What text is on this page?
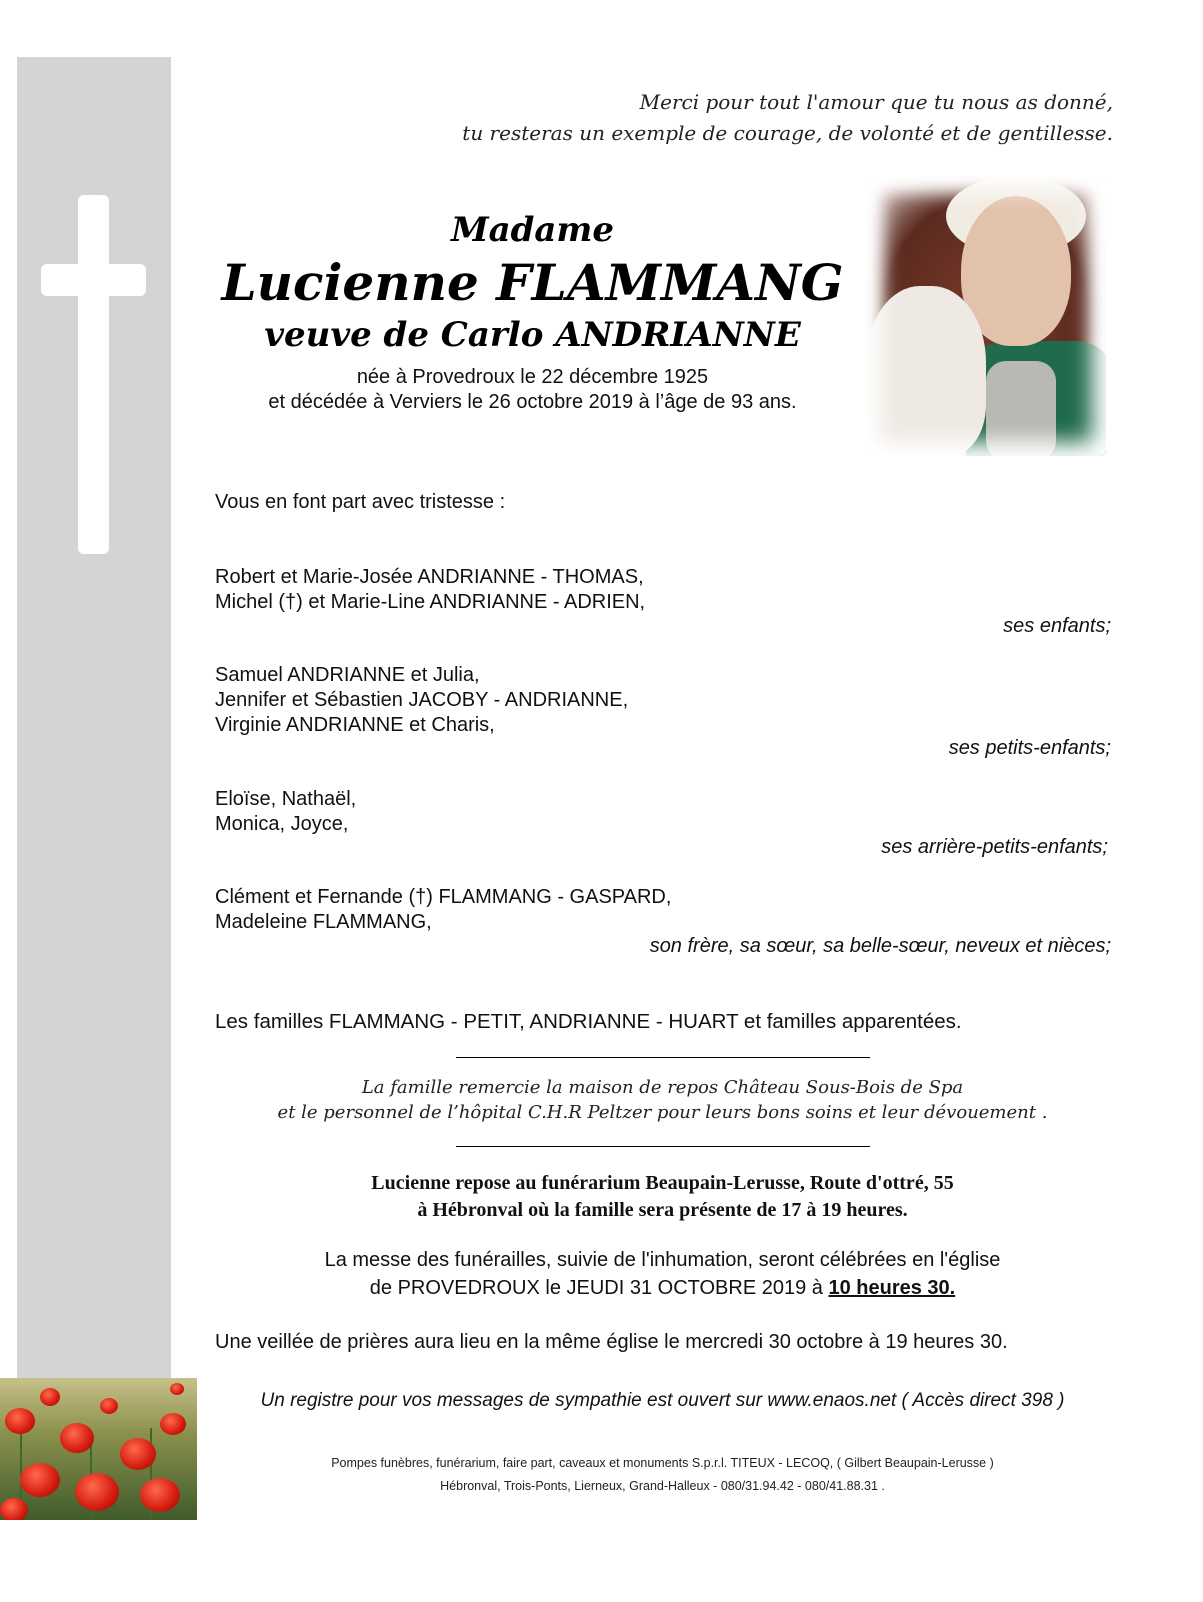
Merci pour tout l'amour que tu nous as donné,
tu resteras un exemple de courage, de volonté et de gentillesse.
Madame
Lucienne FLAMMANG
veuve de Carlo ANDRIANNE
née à Provedroux le 22 décembre 1925
et décédée à Verviers le 26 octobre 2019 à l’âge de 93 ans.
Vous en font part avec tristesse :
Robert et Marie-Josée ANDRIANNE - THOMAS,
Michel (†) et Marie-Line ANDRIANNE - ADRIEN,
ses enfants;
Samuel ANDRIANNE et Julia,
Jennifer et Sébastien JACOBY - ANDRIANNE,
Virginie ANDRIANNE et Charis,
ses petits-enfants;
Eloïse, Nathaël,
Monica, Joyce,
ses arrière-petits-enfants;
Clément et Fernande (†) FLAMMANG - GASPARD,
Madeleine FLAMMANG,
son frère, sa sœur, sa belle-sœur, neveux et nièces;
Les familles FLAMMANG - PETIT, ANDRIANNE - HUART et familles apparentées.
La famille remercie la maison de repos Château Sous-Bois de Spa
et le personnel de l’hôpital C.H.R Peltzer pour leurs bons soins et leur dévouement .
Lucienne repose au funérarium Beaupain-Lerusse, Route d'ottré, 55
à Hébronval où la famille sera présente de 17 à 19 heures.
La messe des funérailles, suivie de l'inhumation, seront célébrées en l'église
de PROVEDROUX le JEUDI 31 OCTOBRE 2019 à 10 heures 30.
Une veillée de prières aura lieu en la même église le mercredi 30 octobre à 19 heures 30.
Un registre pour vos messages de sympathie est ouvert sur www.enaos.net ( Accès direct 398 )
Pompes funèbres, funérarium, faire part, caveaux et monuments S.p.r.l. TITEUX - LECOQ, ( Gilbert Beaupain-Lerusse )
Hébronval, Trois-Ponts, Lierneux, Grand-Halleux - 080/31.94.42 - 080/41.88.31 .
